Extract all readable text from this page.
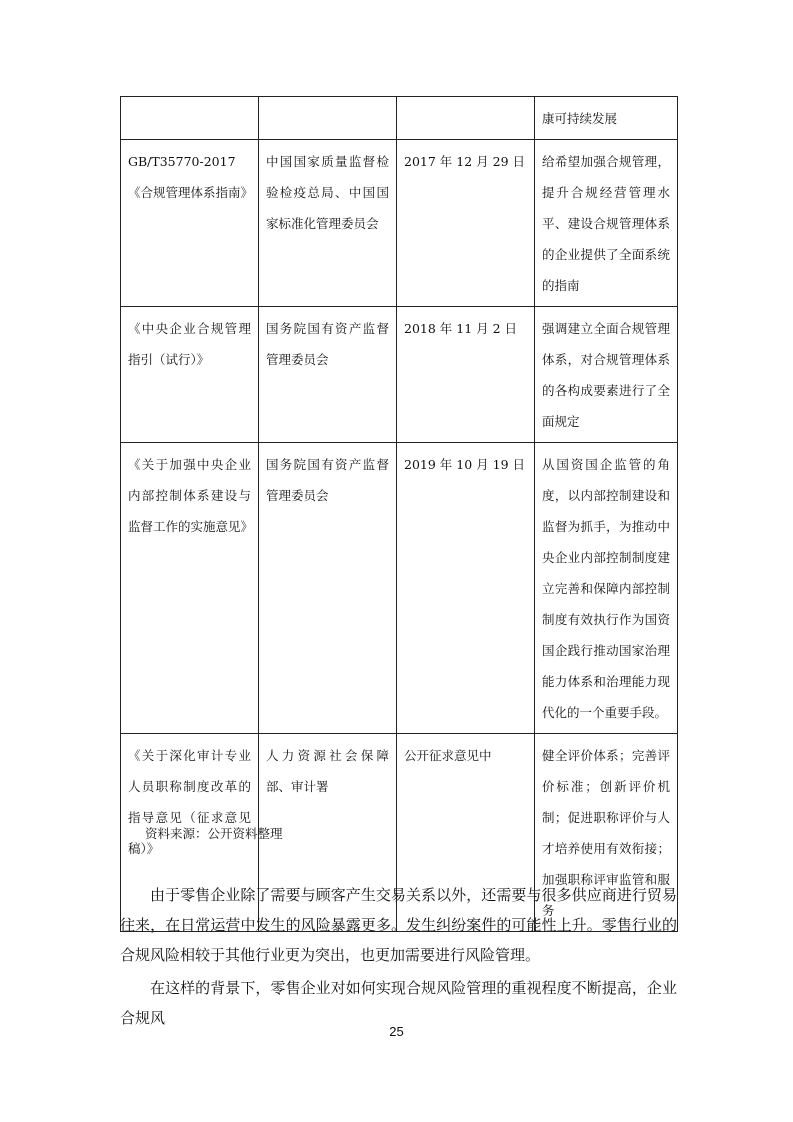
			康可持续发展
GB/T35770-2017《合规管理体系指南》	中国国家质量监督检验检疫总局、中国国家标准化管理委员会	2017 年 12 月 29 日	给希望加强合规管理，提升合规经营管理水平、建设合规管理体系的企业提供了全面系统的指南
《中央企业合规管理指引（试行）》	国务院国有资产监督管理委员会	2018 年 11 月 2 日	强调建立全面合规管理体系，对合规管理体系的各构成要素进行了全面规定
《关于加强中央企业内部控制体系建设与监督工作的实施意见》	国务院国有资产监督管理委员会	2019 年 10 月 19 日	从国资国企监管的角度，以内部控制建设和监督为抓手，为推动中央企业内部控制制度建立完善和保障内部控制制度有效执行作为国资国企践行推动国家治理能力体系和治理能力现代化的一个重要手段。
《关于深化审计专业人员职称制度改革的指导意见（征求意见稿）》	人力资源社会保障部、审计署	公开征求意见中	健全评价体系；完善评价标准；创新评价机制；促进职称评价与人才培养使用有效衔接；加强职称评审监管和服务
资料来源：公开资料整理

由于零售企业除了需要与顾客产生交易关系以外，还需要与很多供应商进行贸易往来，在日常运营中发生的风险暴露更多。发生纠纷案件的可能性上升。零售行业的合规风险相较于其他行业更为突出，也更加需要进行风险管理。

在这样的背景下，零售企业对如何实现合规风险管理的重视程度不断提高，企业合规风

25
